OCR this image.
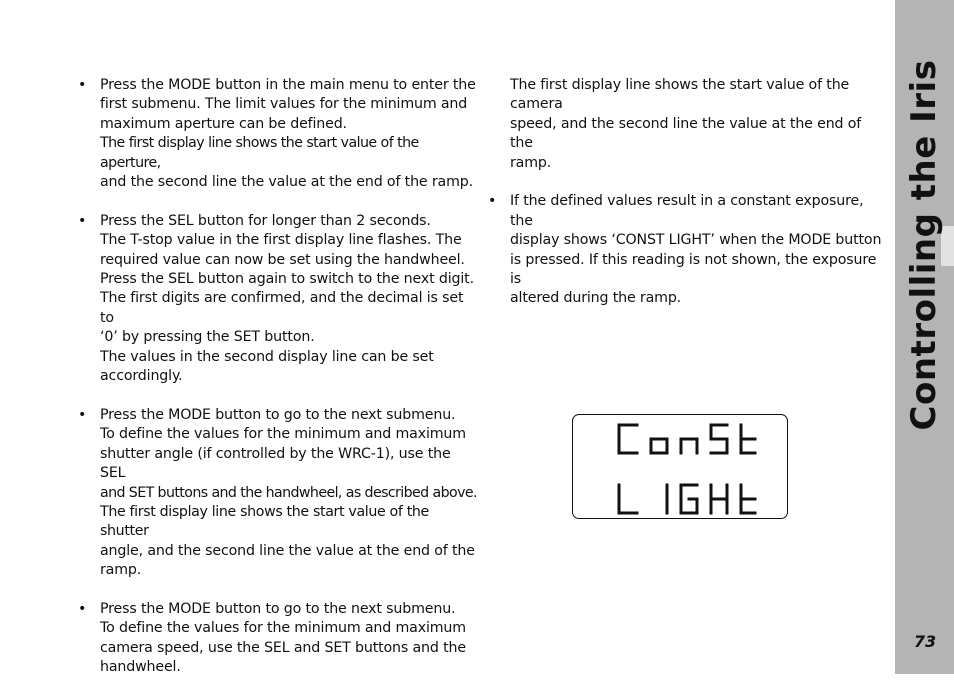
• Press the MODE button in the main menu to enter the
first submenu. The limit values for the minimum and
maximum aperture can be defined.
The first display line shows the start value of the aperture,
and the second line the value at the end of the ramp.
• Press the SEL button for longer than 2 seconds.
The T-stop value in the first display line flashes. The
required value can now be set using the handwheel.
Press the SEL button again to switch to the next digit.
The first digits are confirmed, and the decimal is set to
‘0’ by pressing the SET button.
The values in the second display line can be set
accordingly.
• Press the MODE button to go to the next submenu.
To define the values for the minimum and maximum
shutter angle (if controlled by the WRC-1), use the SEL
and SET buttons and the handwheel, as described above.
The first display line shows the start value of the shutter
angle, and the second line the value at the end of the
ramp.
• Press the MODE button to go to the next submenu.
To define the values for the minimum and maximum
camera speed, use the SEL and SET buttons and the
handwheel.
The first display line shows the start value of the camera
speed, and the second line the value at the end of the
ramp.
• If the defined values result in a constant exposure, the
display shows ‘CONST LIGHT’ when the MODE button
is pressed. If this reading is not shown, the exposure is
altered during the ramp.	Controlling the Iris
73
